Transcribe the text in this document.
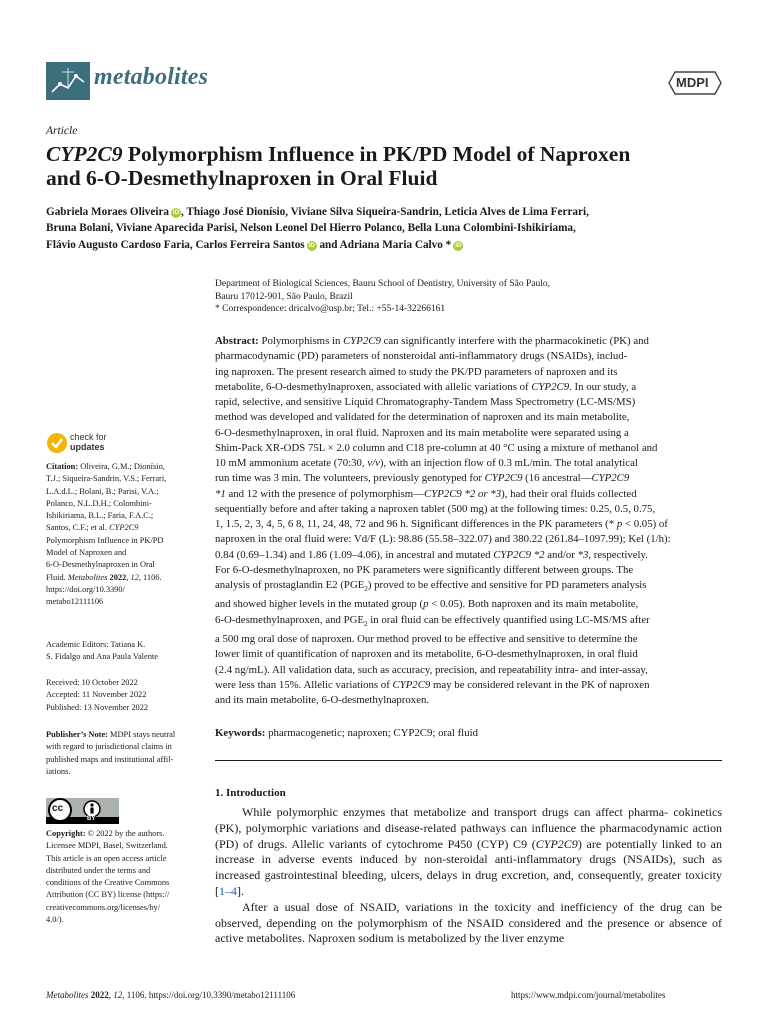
metabolites	MDPI
Article
CYP2C9 Polymorphism Influence in PK/PD Model of Naproxen
and 6-O-Desmethylnaproxen in Oral Fluid
Gabriela Moraes Oliveira iD , Thiago José Dionísio, Viviane Silva Siqueira-Sandrin, Leticia Alves de Lima Ferrari,
Bruna Bolani, Viviane Aparecida Parisi, Nelson Leonel Del Hierro Polanco, Bella Luna Colombini-Ishikiriama,
Flávio Augusto Cardoso Faria, Carlos Ferreira Santos iD and Adriana Maria Calvo * iD
Department of Biological Sciences, Bauru School of Dentistry, University of São Paulo,
Bauru 17012-901, São Paulo, Brazil
* Correspondence: dricalvo@usp.br; Tel.: +55-14-32266161
Abstract: Polymorphisms in CYP2C9 can significantly interfere with the pharmacokinetic (PK) and
pharmacodynamic (PD) parameters of nonsteroidal anti-inflammatory drugs (NSAIDs), includ-
ing naproxen. The present research aimed to study the PK/PD parameters of naproxen and its
metabolite, 6-O-desmethylnaproxen, associated with allelic variations of CYP2C9. In our study, a
rapid, selective, and sensitive Liquid Chromatography-Tandem Mass Spectrometry (LC-MS/MS)
method was developed and validated for the determination of naproxen and its main metabolite,
6-O-desmethylnaproxen, in oral fluid. Naproxen and its main metabolite were separated using a
Shim-Pack XR-ODS 75L × 2.0 column and C18 pre-column at 40 °C using a mixture of methanol and
10 mM ammonium acetate (70:30, v/v), with an injection flow of 0.3 mL/min. The total analytical
run time was 3 min. The volunteers, previously genotyped for CYP2C9 (16 ancestral—CYP2C9
*1 and 12 with the presence of polymorphism—CYP2C9 *2 or *3), had their oral fluids collected
sequentially before and after taking a naproxen tablet (500 mg) at the following times: 0.25, 0.5, 0.75,
1, 1.5, 2, 3, 4, 5, 6 8, 11, 24, 48, 72 and 96 h. Significant differences in the PK parameters (* p < 0.05) of
naproxen in the oral fluid were: Vd/F (L): 98.86 (55.58–322.07) and 380.22 (261.84–1097.99); Kel (1/h):
0.84 (0.69–1.34) and 1.86 (1.09–4.06), in ancestral and mutated CYP2C9 *2 and/or *3, respectively.
For 6-O-desmethylnaproxen, no PK parameters were significantly different between groups. The
analysis of prostaglandin E2 $(PGE_2)$ proved to be effective and sensitive for PD parameters analysis
and showed higher levels in the mutated group (p < 0.05). Both naproxen and its main metabolite,
6-O-desmethylnaproxen, and $PGE_2$ in oral fluid can be effectively quantified using LC-MS/MS after
a 500 mg oral dose of naproxen. Our method proved to be effective and sensitive to determine the
lower limit of quantification of naproxen and its metabolite, 6-O-desmethylnaproxen, in oral fluid
(2.4 ng/mL). All validation data, such as accuracy, precision, and repeatability intra- and inter-assay,
were less than 15%. Allelic variations of CYP2C9 may be considered relevant in the PK of naproxen
and its main metabolite, 6-O-desmethylnaproxen.
Keywords: pharmacogenetic; naproxen; CYP2C9; oral fluid
check for
updates
Citation: Oliveira, G.M.; Dionísio,
T.J.; Siqueira-Sandrin, V.S.; Ferrari,
L.A.d.L.; Bolani, B.; Parisi, V.A.;
Polanco, N.L.D.H.; Colombini-
Ishikiriama, B.L.; Faria, F.A.C.;
Santos, C.F.; et al. CYP2C9
Polymorphism Influence in PK/PD
Model of Naproxen and
6-O-Desmethylnaproxen in Oral
Fluid. Metabolites 2022, 12, 1106.
https://doi.org/10.3390/
metabo12111106
Academic Editors: Tatiana K.
S. Fidalgo and Ana Paula Valente
Received: 10 October 2022
Accepted: 11 November 2022
Published: 13 November 2022
Publisher’s Note: MDPI stays neutral
with regard to jurisdictional claims in
published maps and institutional affil-
iations.
cc
BY
Copyright: © 2022 by the authors.
Licensee MDPI, Basel, Switzerland.
This article is an open access article
distributed under the terms and
conditions of the Creative Commons
Attribution (CC BY) license (https://
creativecommons.org/licenses/by/
4.0/).
1. Introduction

While polymorphic enzymes that metabolize and transport drugs can affect pharma- cokinetics (PK), polymorphic variations and disease-related pathways can influence the pharmacodynamic action (PD) of drugs. Allelic variants of cytochrome P450 (CYP) C9 (CYP2C9) are potentially linked to an increase in adverse events induced by non-steroidal anti-inflammatory drugs (NSAIDs), such as increased gastrointestinal bleeding, ulcers, delays in drug excretion, and, consequently, greater toxicity [1–4].

After a usual dose of NSAID, variations in the toxicity and inefficiency of the drug can be observed, depending on the polymorphism of the NSAID considered and the presence or absence of active metabolites. Naproxen sodium is metabolized by the liver enzyme

Metabolites 2022, 12, 1106. https://doi.org/10.3390/metabo12111106	https://www.mdpi.com/journal/metabolites
